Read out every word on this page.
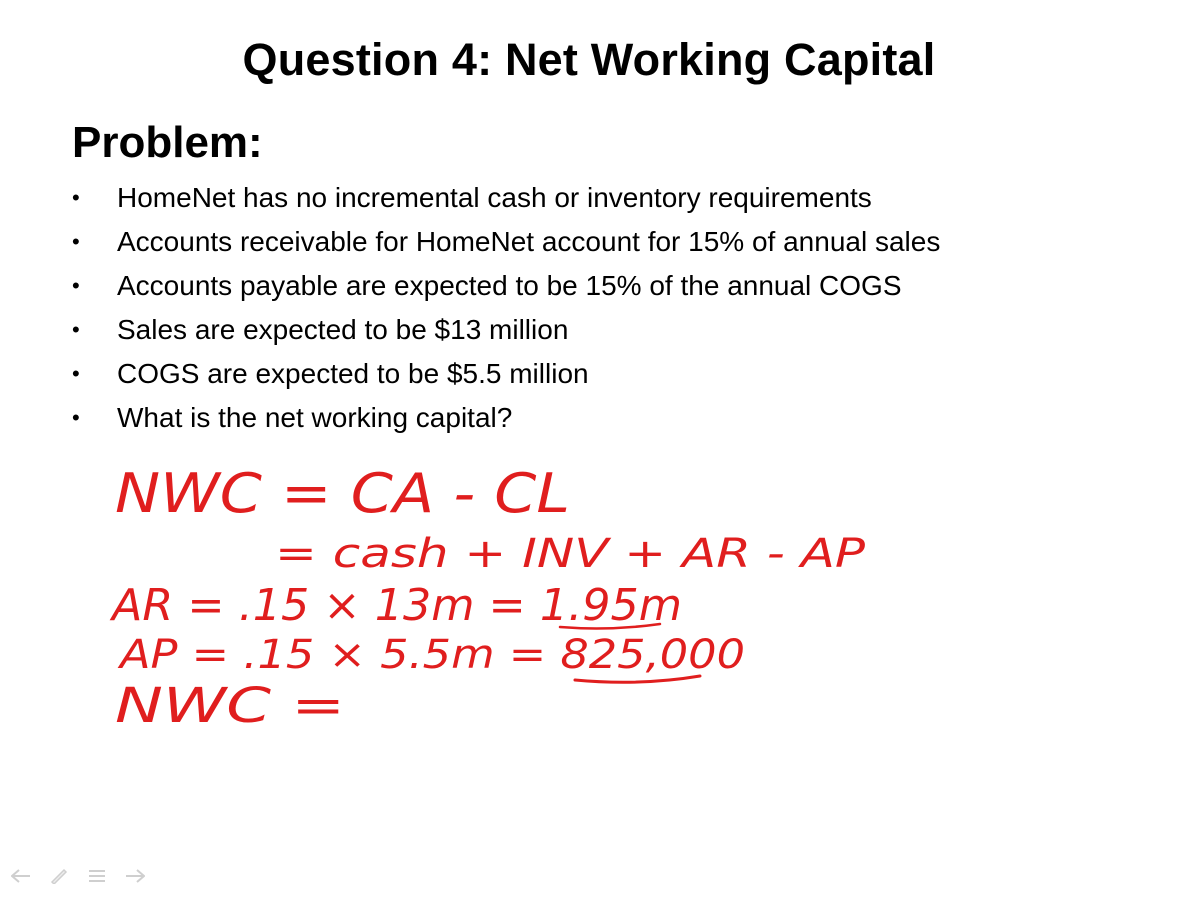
Question 4: Net Working Capital
Problem:
•	HomeNet has no incremental cash or inventory requirements
•	Accounts receivable for HomeNet account for 15% of annual sales
•	Accounts payable are expected to be 15% of the annual COGS
•	Sales are expected to be $13 million
•	COGS are expected to be $5.5 million
•	What is the net working capital?
NWC = CA - CL
= cash + INV + AR - AP
AR = .15 × 13m = 1.95m
AP = .15 × 5.5m = 825,000
NWC =
